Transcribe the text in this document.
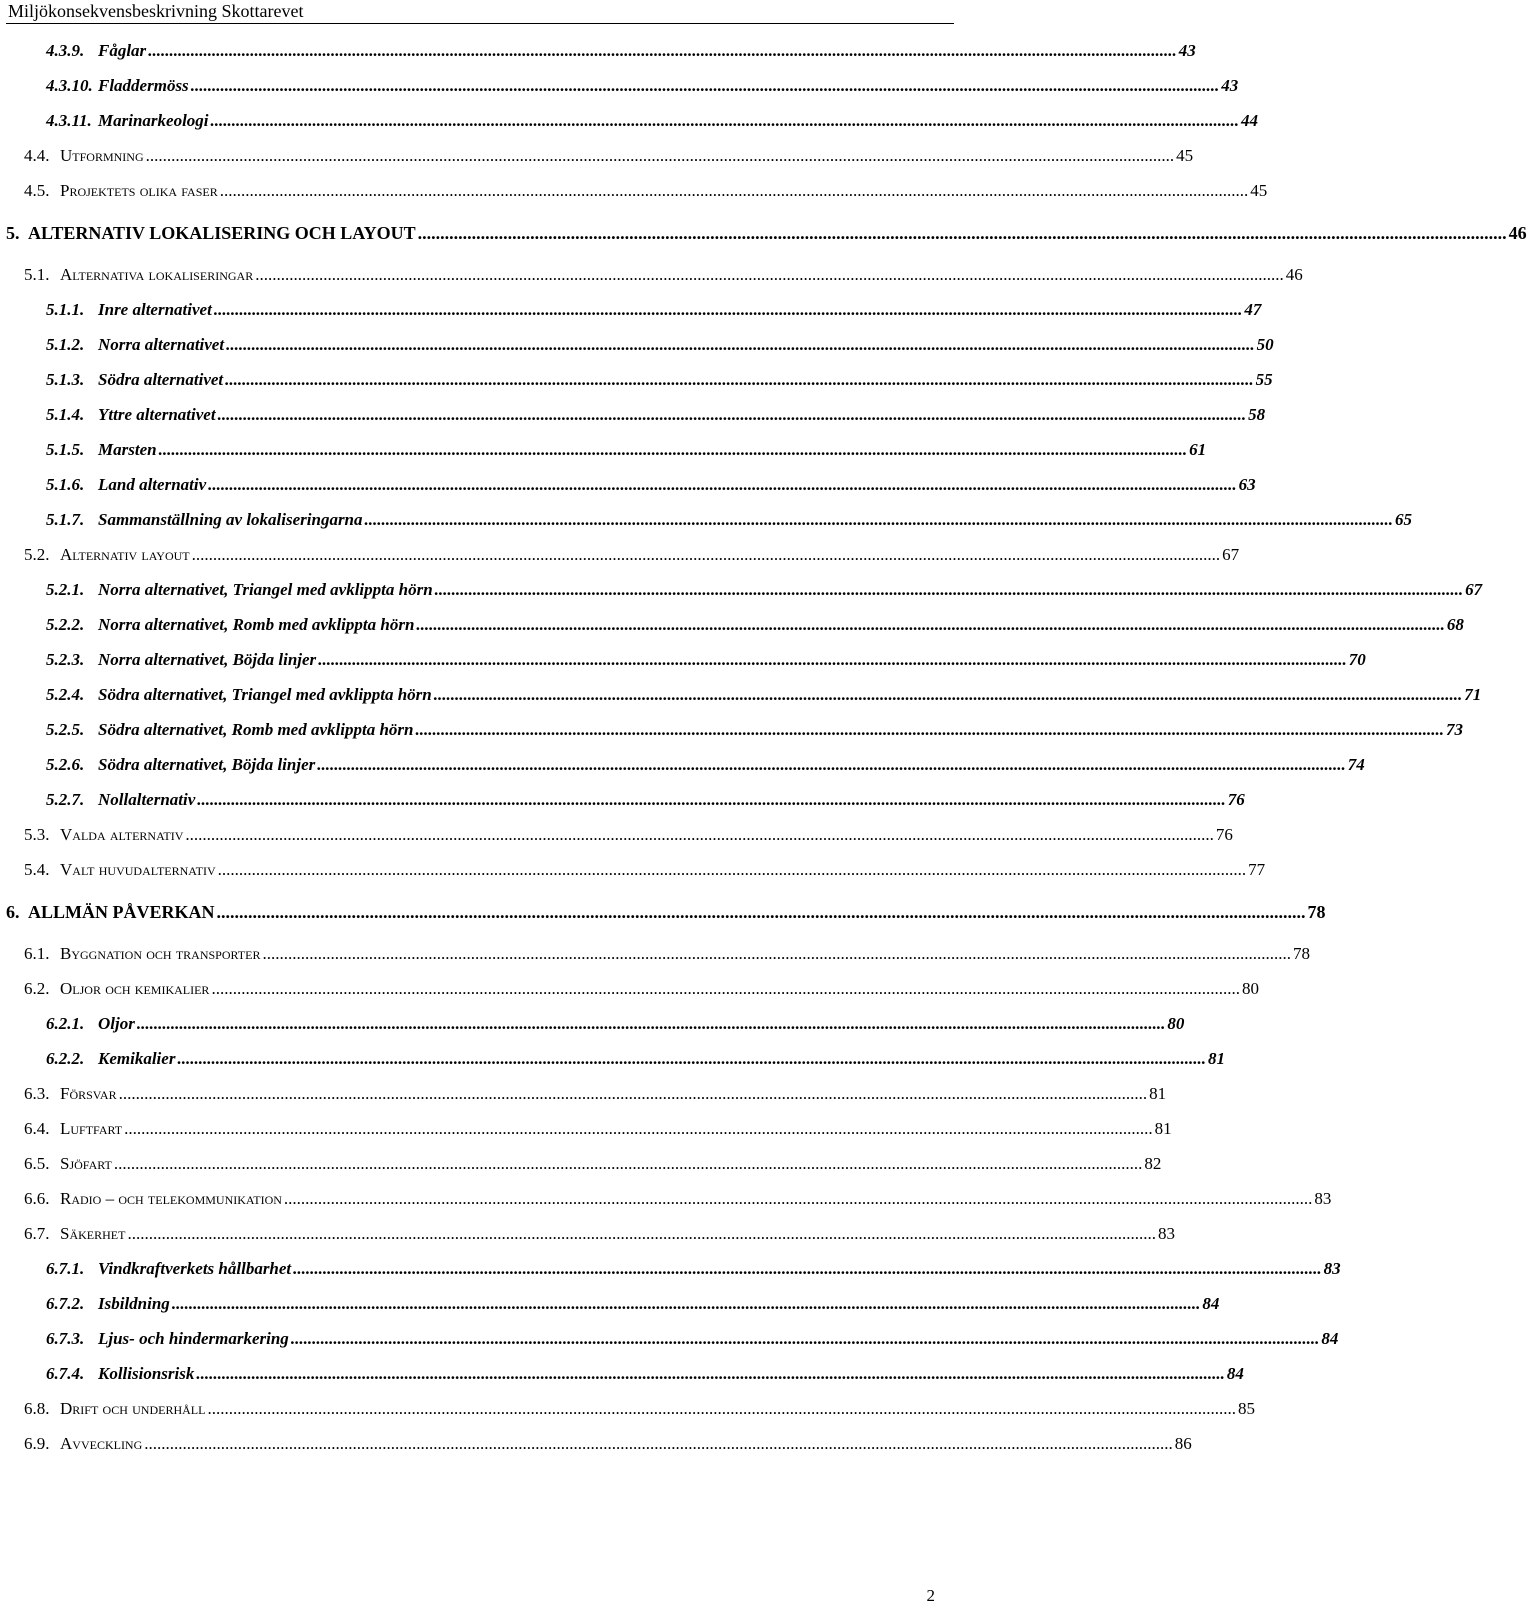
Miljökonsekvensbeskrivning Skottarevet
4.3.9. Fåglar .....	43
4.3.10. Fladdermöss .....	43
4.3.11. Marinarkeologi .....	44
4.4. Utformning .....	45
4.5. Projektets olika faser .....	45
5. ALTERNATIV LOKALISERING OCH LAYOUT .....	46
5.1. Alternativa lokaliseringar .....	46
5.1.1. Inre alternativet .....	47
5.1.2. Norra alternativet .....	50
5.1.3. Södra alternativet .....	55
5.1.4. Yttre alternativet .....	58
5.1.5. Marsten .....	61
5.1.6. Land alternativ .....	63
5.1.7. Sammanställning av lokaliseringarna .....	65
5.2. Alternativ layout .....	67
5.2.1. Norra alternativet, Triangel med avklippta hörn .....	67
5.2.2. Norra alternativet, Romb med avklippta hörn .....	68
5.2.3. Norra alternativet, Böjda linjer .....	70
5.2.4. Södra alternativet, Triangel med avklippta hörn .....	71
5.2.5. Södra alternativet, Romb med avklippta hörn .....	73
5.2.6. Södra alternativet, Böjda linjer .....	74
5.2.7. Nollalternativ .....	76
5.3. Valda alternativ .....	76
5.4. Valt huvudalternativ .....	77
6. ALLMÄN PÅVERKAN .....	78
6.1. Byggnation och transporter .....	78
6.2. Oljor och kemikalier .....	80
6.2.1. Oljor .....	80
6.2.2. Kemikalier .....	81
6.3. Försvar .....	81
6.4. Luftfart .....	81
6.5. Sjöfart .....	82
6.6. Radio – och telekommunikation .....	83
6.7. Säkerhet .....	83
6.7.1. Vindkraftverkets hållbarhet .....	83
6.7.2. Isbildning .....	84
6.7.3. Ljus- och hindermarkering .....	84
6.7.4. Kollisionsrisk .....	84
6.8. Drift och underhåll .....	85
6.9. Avveckling .....	86
2
